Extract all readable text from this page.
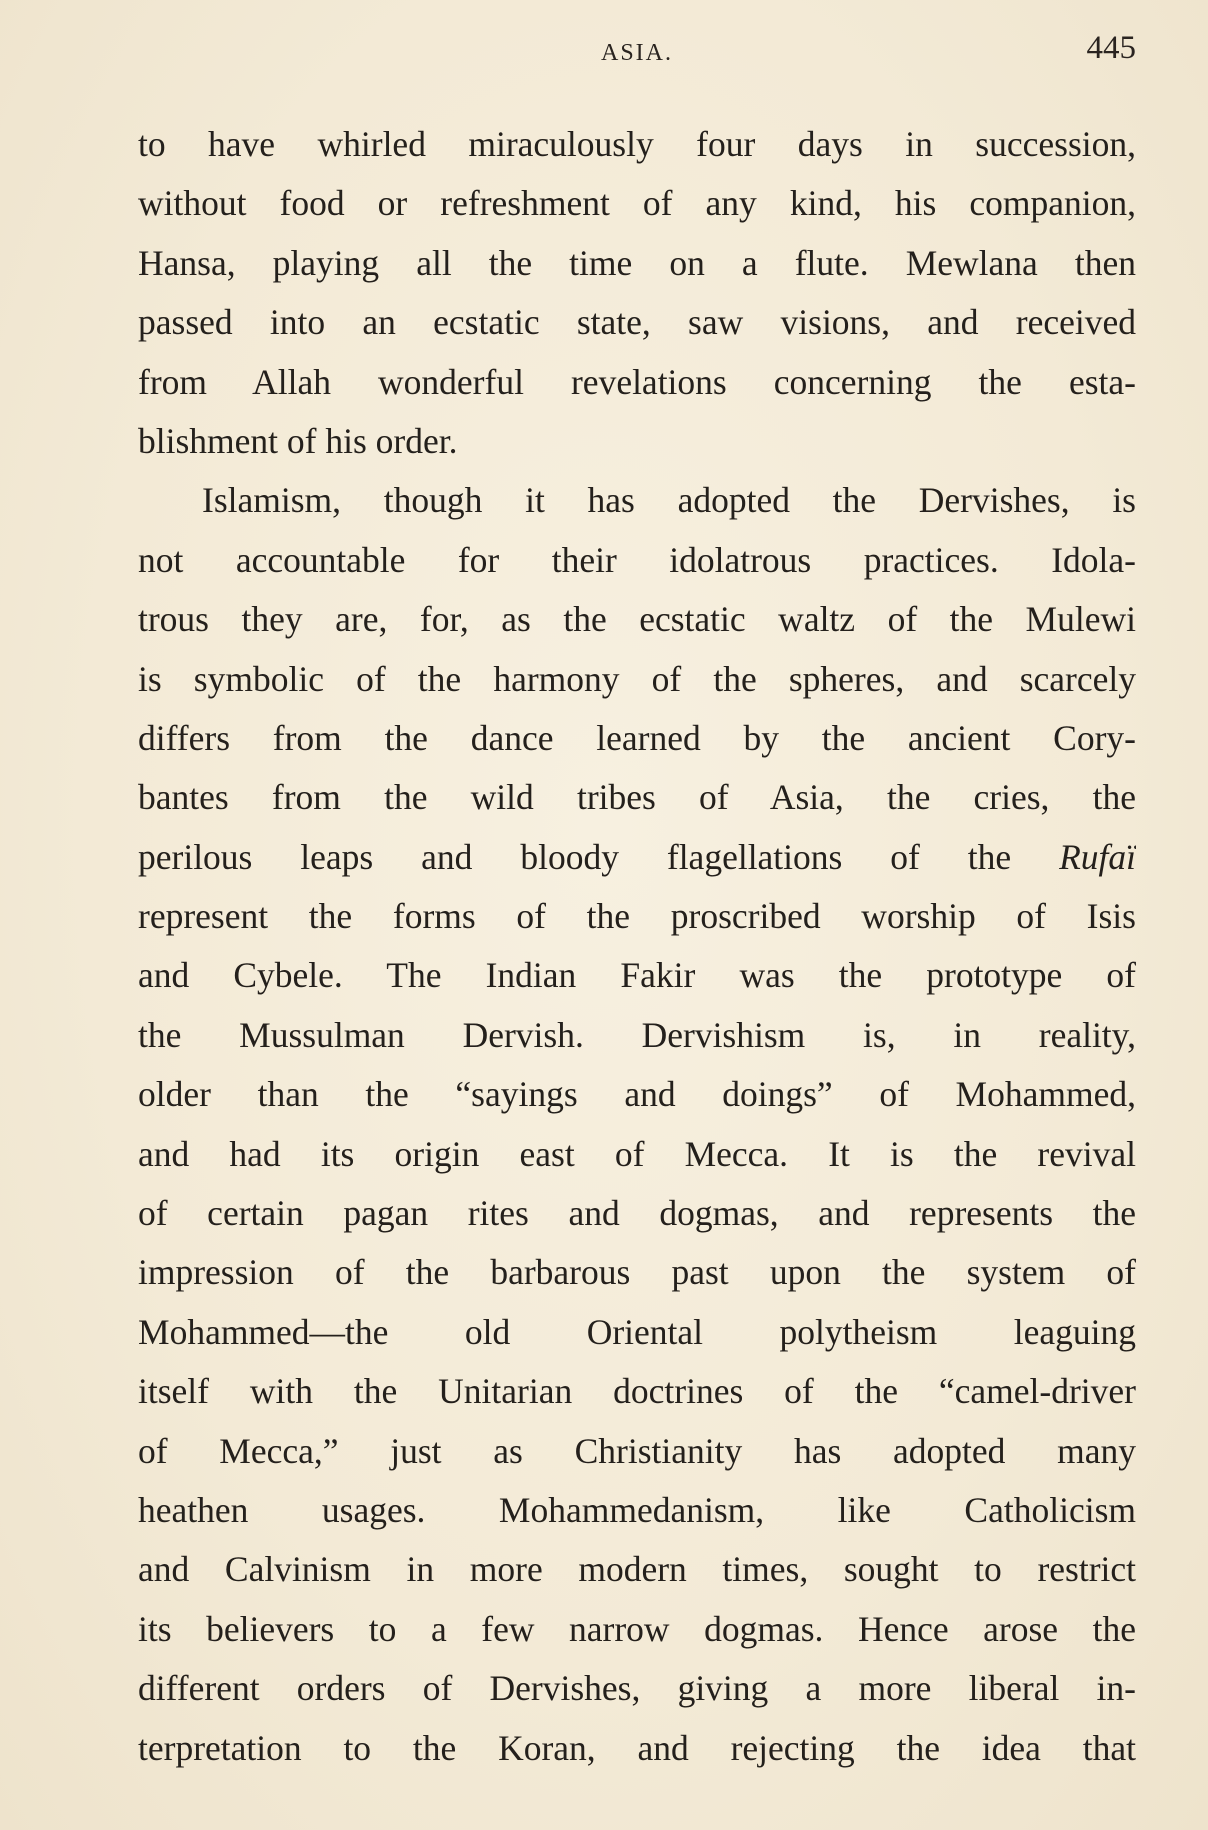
ASIA.	445
to have whirled miraculously four days in succession,
without food or refreshment of any kind, his companion,
Hansa, playing all the time on a flute. Mewlana then
passed into an ecstatic state, saw visions, and received
from Allah wonderful revelations concerning the esta-
blishment of his order.
Islamism, though it has adopted the Dervishes, is
not accountable for their idolatrous practices. Idola-
trous they are, for, as the ecstatic waltz of the Mulewi
is symbolic of the harmony of the spheres, and scarcely
differs from the dance learned by the ancient Cory-
bantes from the wild tribes of Asia, the cries, the
perilous leaps and bloody flagellations of the Rufaï
represent the forms of the proscribed worship of Isis
and Cybele. The Indian Fakir was the prototype of
the Mussulman Dervish. Dervishism is, in reality,
older than the “sayings and doings” of Mohammed,
and had its origin east of Mecca. It is the revival
of certain pagan rites and dogmas, and represents the
impression of the barbarous past upon the system of
Mohammed—the old Oriental polytheism leaguing
itself with the Unitarian doctrines of the “camel-driver
of Mecca,” just as Christianity has adopted many
heathen usages. Mohammedanism, like Catholicism
and Calvinism in more modern times, sought to restrict
its believers to a few narrow dogmas. Hence arose the
different orders of Dervishes, giving a more liberal in-
terpretation to the Koran, and rejecting the idea that
